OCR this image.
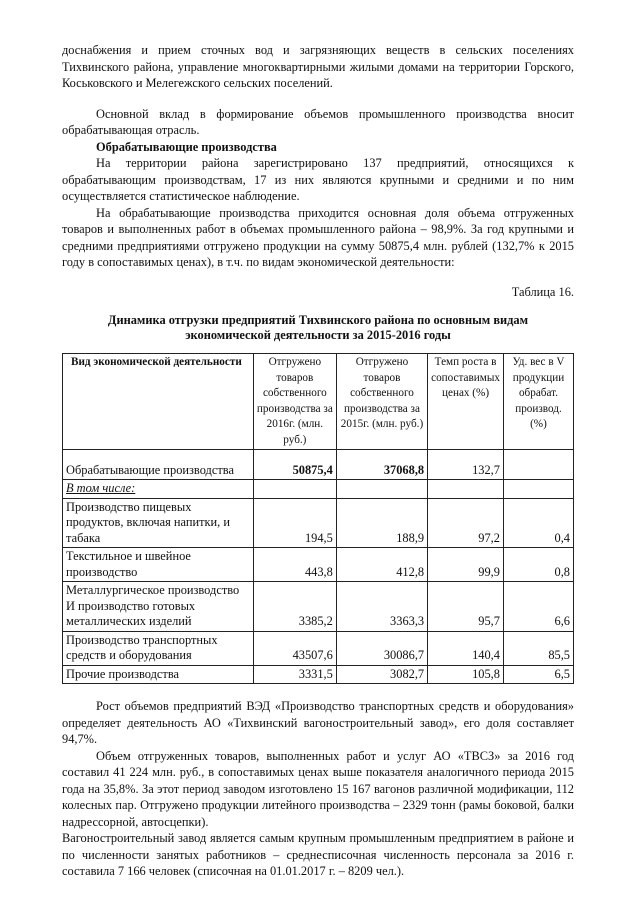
доснабжения и прием сточных вод и загрязняющих веществ в сельских поселениях Тихвинского района, управление многоквартирными жилыми домами на территории Горского, Коськовского и Мелегежского сельских поселений.

Основной вклад в формирование объемов промышленного производства вносит обрабатывающая отрасль.

Обрабатывающие производства

На территории района зарегистрировано 137 предприятий, относящихся к обрабатывающим производствам, 17 из них являются крупными и средними и по ним осуществляется статистическое наблюдение.

На обрабатывающие производства приходится основная доля объема отгруженных товаров и выполненных работ в объемах промышленного района – 98,9%. За год крупными и средними предприятиями отгружено продукции на сумму 50875,4 млн. рублей (132,7% к 2015 году в сопоставимых ценах), в т.ч. по видам экономической деятельности:

Таблица 16.

Динамика отгрузки предприятий Тихвинского района по основным видам
экономической деятельности за 2015-2016 годы
Вид экономической деятельности	Отгружено товаров собственного производства за 2016г. (млн. руб.)	Отгружено товаров собственного производства за 2015г. (млн. руб.)	Темп роста в сопоставимых ценах (%)	Уд. вес в V продукции обрабат. производ. (%)
Обрабатывающие производства	50875,4	37068,8	132,7	
В том числе:				
Производство пищевых продуктов, включая напитки, и табака	194,5	188,9	97,2	0,4
Текстильное и швейное производство	443,8	412,8	99,9	0,8
Металлургическое производство И производство готовых металлических изделий	3385,2	3363,3	95,7	6,6
Производство транспортных средств и оборудования	43507,6	30086,7	140,4	85,5
Прочие производства	3331,5	3082,7	105,8	6,5

Рост объемов предприятий ВЭД «Производство транспортных средств и оборудования» определяет деятельность АО «Тихвинский вагоностроительный завод», его доля составляет 94,7%.

Объем отгруженных товаров, выполненных работ и услуг АО «ТВСЗ» за 2016 год составил 41 224 млн. руб., в сопоставимых ценах выше показателя аналогичного периода 2015 года на 35,8%. За этот период заводом изготовлено 15 167 вагонов различной модификации, 112 колесных пар. Отгружено продукции литейного производства – 2329 тонн (рамы боковой, балки надрессорной, автосцепки).

Вагоностроительный завод является самым крупным промышленным предприятием в районе и по численности занятых работников – среднесписочная численность персонала за 2016 г. составила 7 166 человек (списочная на 01.01.2017 г. – 8209 чел.).
